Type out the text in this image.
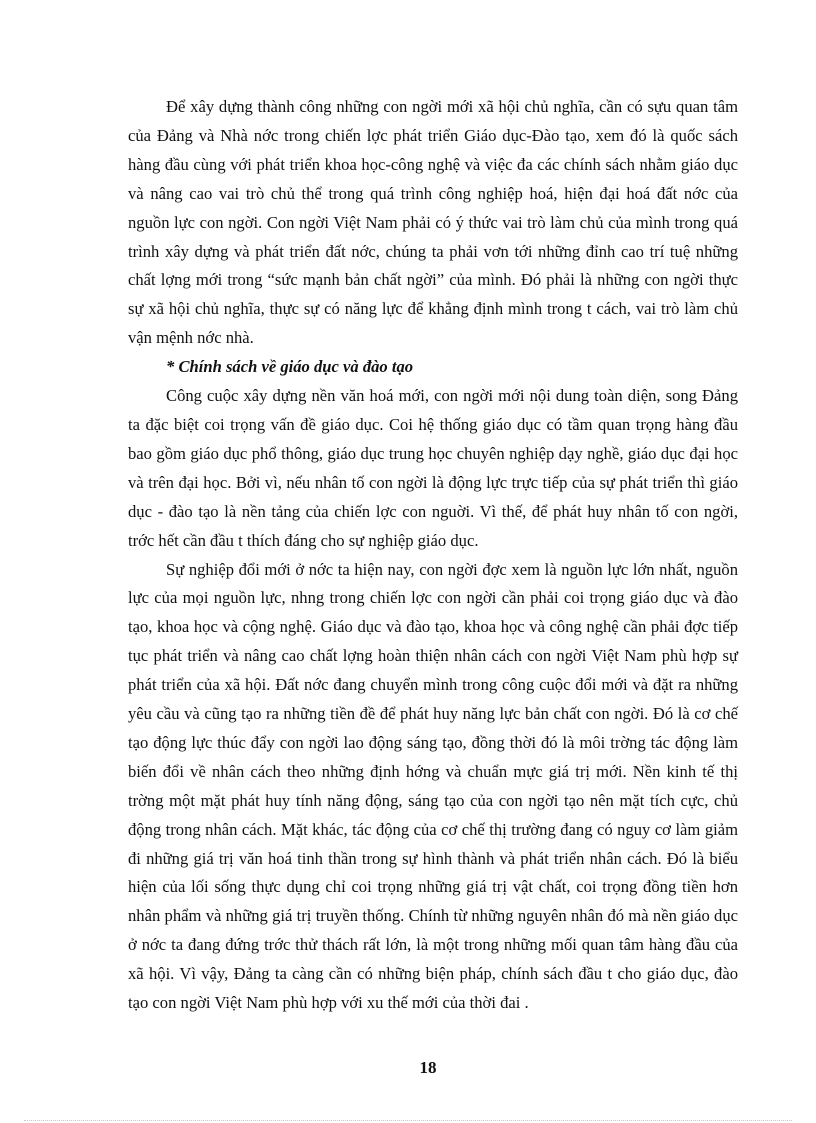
Để xây dựng thành công những con ngời mới xã hội chủ nghĩa, cần có sựu quan tâm của Đảng và Nhà nớc trong chiến lợc phát triển Giáo dục-Đào tạo, xem đó là quốc sách hàng đầu cùng với phát triển khoa học-công nghệ và việc đa các chính sách nhằm giáo dục và nâng cao vai trò chủ thể trong quá trình công nghiệp hoá, hiện đại hoá đất nớc của nguồn lực con ngời. Con ngời Việt Nam phải có ý thức vai trò làm chủ của mình trong quá trình xây dựng và phát triển đất nớc, chúng ta phải vơn tới những đỉnh cao trí tuệ những chất lợng mới trong “sức mạnh bản chất ngời” của mình. Đó phải là những con ngời thực sự xã hội chủ nghĩa, thực sự có năng lực để khẳng định mình trong t cách, vai trò làm chủ vận mệnh nớc nhà.

* Chính sách về giáo dục và đào tạo

Công cuộc xây dựng nền văn hoá mới, con ngời mới nội dung toàn diện, song Đảng ta đặc biệt coi trọng vấn đề giáo dục. Coi hệ thống giáo dục có tầm quan trọng hàng đầu bao gồm giáo dục phổ thông, giáo dục trung học chuyên nghiệp dạy nghề, giáo dục đại học và trên đại học. Bởi vì, nếu nhân tố con ngời là động lực trực tiếp của sự phát triển thì giáo dục - đào tạo là nền tảng của chiến lợc con nguời. Vì thế, để phát huy nhân tố con ngời, trớc hết cần đầu t thích đáng cho sự nghiệp giáo dục.

Sự nghiệp đổi mới ở nớc ta hiện nay, con ngời đợc xem là nguồn lực lớn nhất, nguồn lực của mọi nguồn lực, nhng trong chiến lợc con ngời cần phải coi trọng giáo dục và đào tạo, khoa học và cộng nghệ. Giáo dục và đào tạo, khoa học và công nghệ cần phải đợc tiếp tục phát triển và nâng cao chất lợng hoàn thiện nhân cách con ngời Việt Nam phù hợp sự phát triển của xã hội. Đất nớc đang chuyển mình trong công cuộc đổi mới và đặt ra những yêu cầu và cũng tạo ra những tiền đề để phát huy năng lực bản chất con ngời. Đó là cơ chế tạo động lực thúc đẩy con ngời lao động sáng tạo, đồng thời đó là môi trờng tác động làm biến đổi về nhân cách theo những định hớng và chuẩn mực giá trị mới. Nền kinh tế thị trờng một mặt phát huy tính năng động, sáng tạo của con ngời tạo nên mặt tích cực, chủ động trong nhân cách. Mặt khác, tác động của cơ chế thị trường đang có nguy cơ làm giảm đi những giá trị văn hoá tinh thần trong sự hình thành và phát triển nhân cách. Đó là biểu hiện của lối sống thực dụng chỉ coi trọng những giá trị vật chất, coi trọng đồng tiền hơn nhân phẩm và những giá trị truyền thống. Chính từ những nguyên nhân đó mà nền giáo dục ở nớc ta đang đứng trớc thử thách rất lớn, là một trong những mối quan tâm hàng đầu của xã hội. Vì vậy, Đảng ta càng cần có những biện pháp, chính sách đầu t cho giáo dục, đào tạo con ngời Việt Nam phù hợp với xu thế mới của thời đai .

18
